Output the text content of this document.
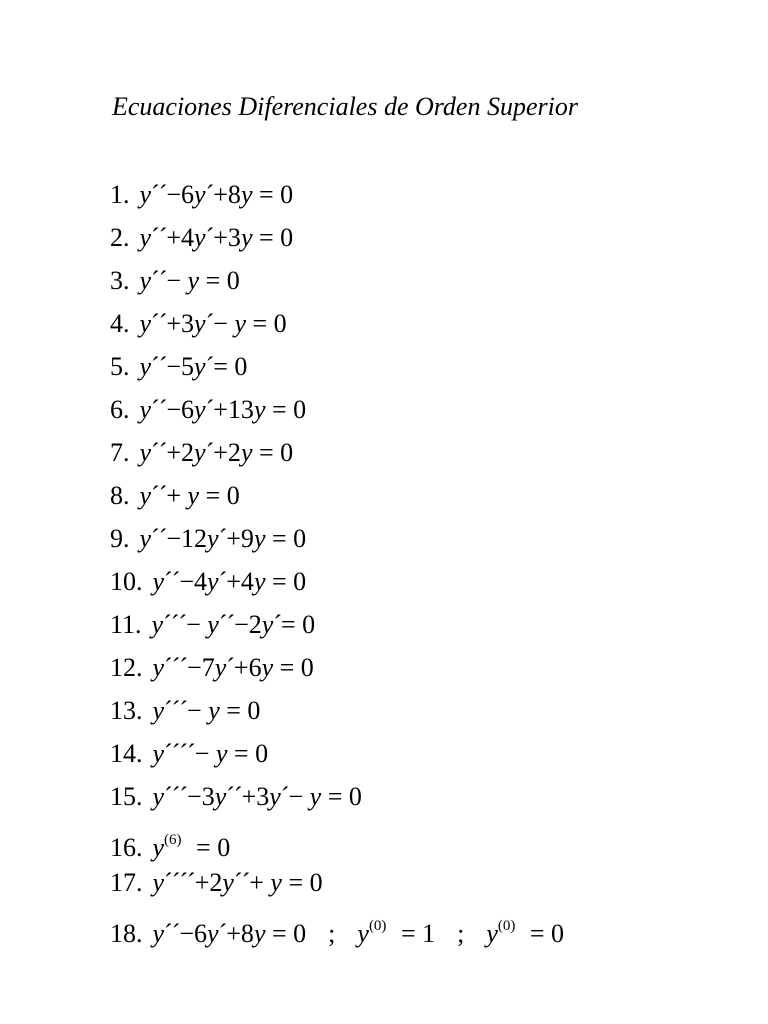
Ecuaciones Diferenciales de Orden Superior
1. y´´−6y´+8y = 0
2. y´´+4y´+3y = 0
3. y´´− y = 0
4. y´´+3y´− y = 0
5. y´´−5y´= 0
6. y´´−6y´+13y = 0
7. y´´+2y´+2y = 0
8. y´´+ y = 0
9. y´´−12y´+9y = 0
10. y´´−4y´+4y = 0
11. y´´´− y´´−2y´= 0
12. y´´´−7y´+6y = 0
13. y´´´− y = 0
14. y´´´´− y = 0
15. y´´´−3y´´+3y´− y = 0
16. $y^{(6)} = 0$
17. y´´´´+2y´´+ y = 0
18. y´´−6y´+8y = 0 ; $y^{(0)} = 1$ ; $y^{(0)} = 0$
